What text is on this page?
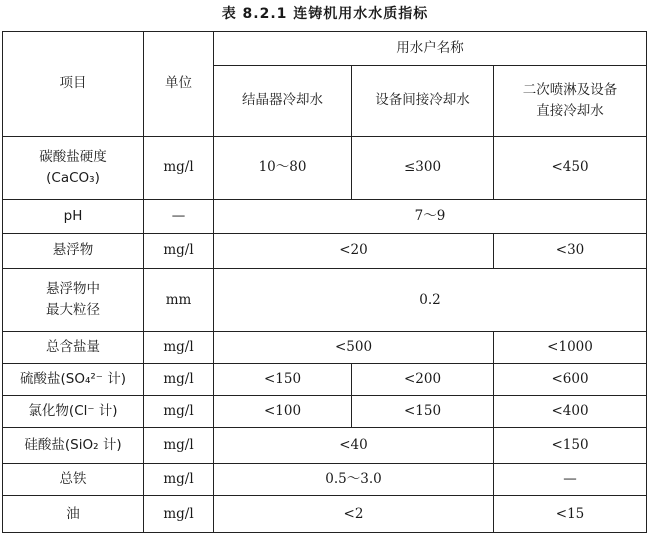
表 8.2.1 连铸机用水水质指标
项目	单位	用水户名称		
		结晶器冷却水	设备间接冷却水	二次喷淋及设备
直接冷却水

碳酸盐硬度
(CaCO₃)	mg/l	10～80	≤300	<450
pH	—	7～9		
悬浮物	mg/l	<20		<30

悬浮物中
最大粒径	mm	0.2		
总含盐量	mg/l	<500		<1000
硫酸盐(SO₄²⁻ 计)	mg/l	<150	<200	<600
氯化物(Cl⁻ 计)	mg/l	<100	<150	<400
硅酸盐(SiO₂ 计)	mg/l	<40		<150
总铁	mg/l	0.5～3.0		—
油	mg/l	<2		<15
